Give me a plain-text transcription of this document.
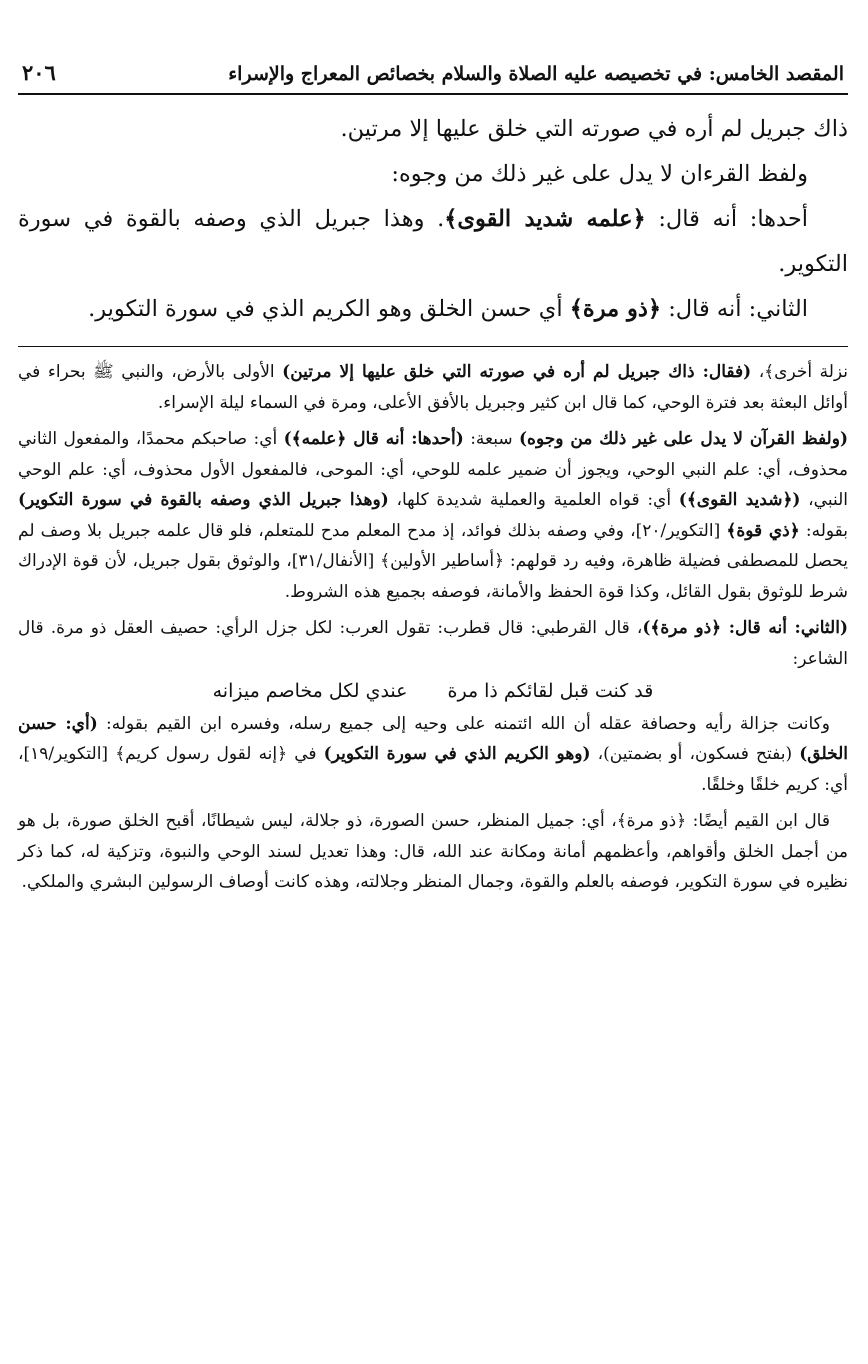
المقصد الخامس: في تخصيصه عليه الصلاة والسلام بخصائص المعراج والإسراء
٢٠٦

ذاك جبريل لم أره في صورته التي خلق عليها إلا مرتين.

ولفظ القرءان لا يدل على غير ذلك من وجوه:

أحدها: أنه قال: ﴿علمه شديد القوى﴾. وهذا جبريل الذي وصفه بالقوة في سورة التكوير.

الثاني: أنه قال: ﴿ذو مرة﴾ أي حسن الخلق وهو الكريم الذي في سورة التكوير.

نزلة أخرى﴾، (فقال: ذاك جبريل لم أره في صورته التي خلق عليها إلا مرتين) الأولى بالأرض، والنبي ﷺ بحراء في أوائل البعثة بعد فترة الوحي، كما قال ابن كثير وجبريل بالأفق الأعلى، ومرة في السماء ليلة الإسراء.

(ولفظ القرآن لا يدل على غير ذلك من وجوه) سبعة: (أحدها: أنه قال ﴿علمه﴾) أي: صاحبكم محمدًا، والمفعول الثاني محذوف، أي: علم النبي الوحي، ويجوز أن ضمير علمه للوحي، أي: الموحى، فالمفعول الأول محذوف، أي: علم الوحي النبي، (﴿شديد القوى﴾) أي: قواه العلمية والعملية شديدة كلها، (وهذا جبريل الذي وصفه بالقوة في سورة التكوير) بقوله: ﴿ذي قوة﴾ [التكوير/٢٠]، وفي وصفه بذلك فوائد، إذ مدح المعلم مدح للمتعلم، فلو قال علمه جبريل بلا وصف لم يحصل للمصطفى فضيلة ظاهرة، وفيه رد قولهم: ﴿أساطير الأولين﴾ [الأنفال/٣١]، والوثوق بقول جبريل، لأن قوة الإدراك شرط للوثوق بقول القائل، وكذا قوة الحفظ والأمانة، فوصفه بجميع هذه الشروط.

(الثاني: أنه قال: ﴿ذو مرة﴾)، قال القرطبي: قال قطرب: تقول العرب: لكل جزل الرأي: حصيف العقل ذو مرة. قال الشاعر:

قد كنت قبل لقائكم ذا مرةعندي لكل مخاصم ميزانه

وكانت جزالة رأيه وحصافة عقله أن الله ائتمنه على وحيه إلى جميع رسله، وفسره ابن القيم بقوله: (أي: حسن الخلق) (بفتح فسكون، أو بضمتين)، (وهو الكريم الذي في سورة التكوير) في ﴿إنه لقول رسول كريم﴾ [التكوير/١٩]، أي: كريم خلقًا وخلقًا.

قال ابن القيم أيضًا: ﴿ذو مرة﴾، أي: جميل المنظر، حسن الصورة، ذو جلالة، ليس شيطانًا، أقبح الخلق صورة، بل هو من أجمل الخلق وأقواهم، وأعظمهم أمانة ومكانة عند الله، قال: وهذا تعديل لسند الوحي والنبوة، وتزكية له، كما ذكر نظيره في سورة التكوير، فوصفه بالعلم والقوة، وجمال المنظر وجلالته، وهذه كانت أوصاف الرسولين البشري والملكي.
